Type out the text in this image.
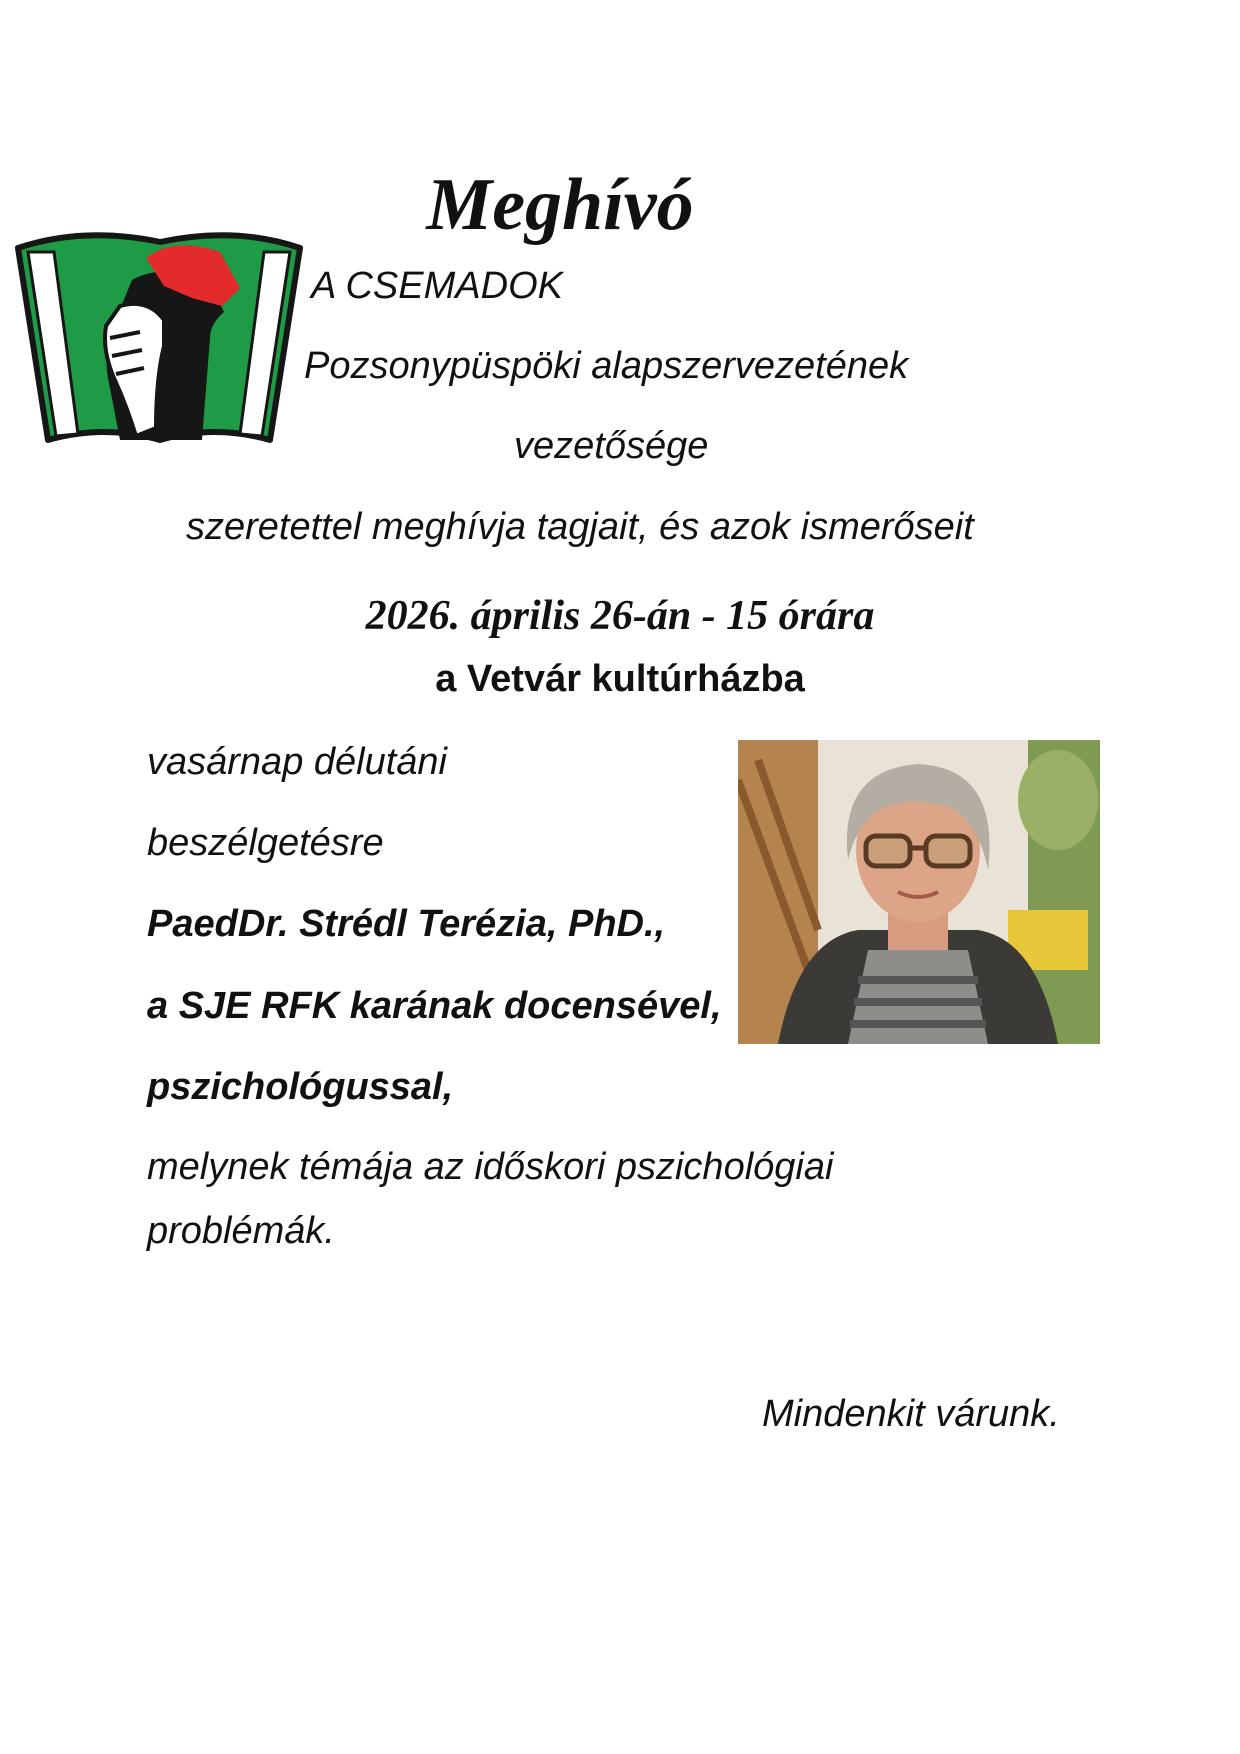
Meghívó
A CSEMADOK
Pozsonypüspöki alapszervezetének
vezetősége
szeretettel meghívja tagjait, és azok ismerőseit
2026. április 26-án - 15 órára
a Vetvár kultúrházba
vasárnap délutáni
beszélgetésre
PaedDr. Strédl Terézia, PhD.,
a SJE RFK karának docensével,
pszichológussal,
melynek témája az időskori pszichológiai
problémák.
Mindenkit várunk.
